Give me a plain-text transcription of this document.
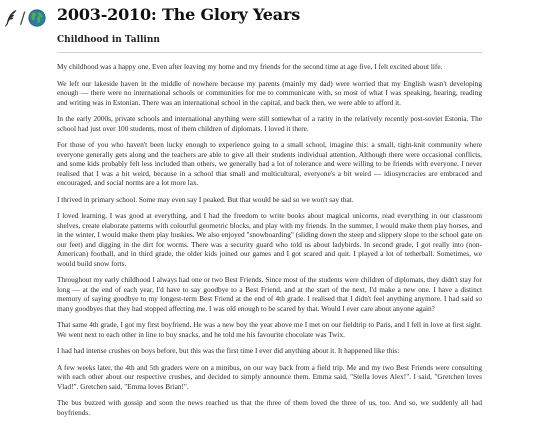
/ 2003-2010: The Glory Years
Childhood in Tallinn

My childhood was a happy one. Even after leaving my home and my friends for the second time at age five, I felt excited about life.

We left our lakeside haven in the middle of nowhere because my parents (mainly my dad) were worried that my English wasn't developing enough — there were no international schools or communities for me to communicate with, so most of what I was speaking, hearing, reading and writing was in Estonian. There was an international school in the capital, and back then, we were able to afford it.

In the early 2000s, private schools and international anything were still somewhat of a rarity in the relatively recently post-soviet Estonia. The school had just over 100 students, most of them children of diplomats. I loved it there.

For those of you who haven't been lucky enough to experience going to a small school, imagine this: a small, tight-knit community where everyone generally gets along and the teachers are able to give all their students individual attention. Although there were occasional conflicts, and some kids probably felt less included than others, we generally had a lot of tolerance and were willing to be friends with everyone. I never realised that I was a bit weird, because in a school that small and multicultural, everyone's a bit weird — idiosyncracies are embraced and encouraged, and social norms are a lot more lax.

I thrived in primary school. Some may even say I peaked. But that would be sad so we won't say that.

I loved learning, I was good at everything, and I had the freedom to write books about magical unicorns, read everything in our classroom shelves, create elaborate patterns with colourful geometric blocks, and play with my friends. In the summer, I would make them play horses, and in the winter, I would make them play huskies. We also enjoyed "snowboarding" (sliding down the steep and slippery slope to the school gate on our feet) and digging in the dirt for worms. There was a security guard who told us about ladybirds. In second grade, I got really into (non-American) football, and in third grade, the older kids joined our games and I got scared and quit. I played a lot of tetherball. Sometimes, we would build snow forts.

Throughout my early childhood I always had one or two Best Friends. Since most of the students were children of diplomats, they didn't stay for long — at the end of each year, I'd have to say goodbye to a Best Friend, and at the start of the next, I'd make a new one. I have a distinct memory of saying goodbye to my longest-term Best Friend at the end of 4th grade. I realised that I didn't feel anything anymore. I had said so many goodbyes that they had stopped affecting me. I was old enough to be scared by that. Would I ever care about anyone again?

That same 4th grade, I got my first boyfriend. He was a new boy the year above me I met on our fieldtrip to Paris, and I fell in love at first sight. We went next to each other in line to buy snacks, and he told me his favourite chocolate was Twix.

I had had intense crushes on boys before, but this was the first time I ever did anything about it. It happened like this:

A few weeks later, the 4th and 5th graders were on a minibus, on our way back from a field trip. Me and my two Best Friends were consulting with each other about our respective crushes, and decided to simply announce them. Emma said, "Stella loves Alex!". I said, "Gretchen loves Vlad!". Gretchen said, "Emma loves Brian!".

The bus buzzed with gossip and soon the news reached us that the three of them loved the three of us, too. And so, we suddenly all had boyfriends.
